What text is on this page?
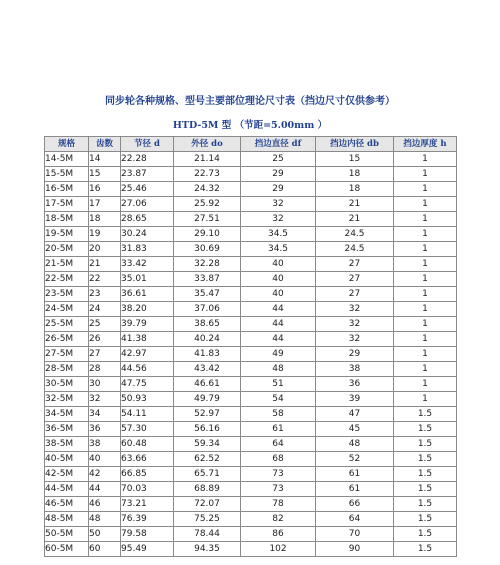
同步轮各种规格、型号主要部位理论尺寸表（挡边尺寸仅供参考）
HTD-5M 型 （节距=5.00mm ）
规格	齿数	节径 d	外径 do	挡边直径 df	挡边内径 db	挡边厚度 h
14-5M	14	22.28	21.14	25	15	1
15-5M	15	23.87	22.73	29	18	1
16-5M	16	25.46	24.32	29	18	1
17-5M	17	27.06	25.92	32	21	1
18-5M	18	28.65	27.51	32	21	1
19-5M	19	30.24	29.10	34.5	24.5	1
20-5M	20	31.83	30.69	34.5	24.5	1
21-5M	21	33.42	32.28	40	27	1
22-5M	22	35.01	33.87	40	27	1
23-5M	23	36.61	35.47	40	27	1
24-5M	24	38.20	37.06	44	32	1
25-5M	25	39.79	38.65	44	32	1
26-5M	26	41.38	40.24	44	32	1
27-5M	27	42.97	41.83	49	29	1
28-5M	28	44.56	43.42	48	38	1
30-5M	30	47.75	46.61	51	36	1
32-5M	32	50.93	49.79	54	39	1
34-5M	34	54.11	52.97	58	47	1.5
36-5M	36	57.30	56.16	61	45	1.5
38-5M	38	60.48	59.34	64	48	1.5
40-5M	40	63.66	62.52	68	52	1.5
42-5M	42	66.85	65.71	73	61	1.5
44-5M	44	70.03	68.89	73	61	1.5
46-5M	46	73.21	72.07	78	66	1.5
48-5M	48	76.39	75.25	82	64	1.5
50-5M	50	79.58	78.44	86	70	1.5
60-5M	60	95.49	94.35	102	90	1.5
